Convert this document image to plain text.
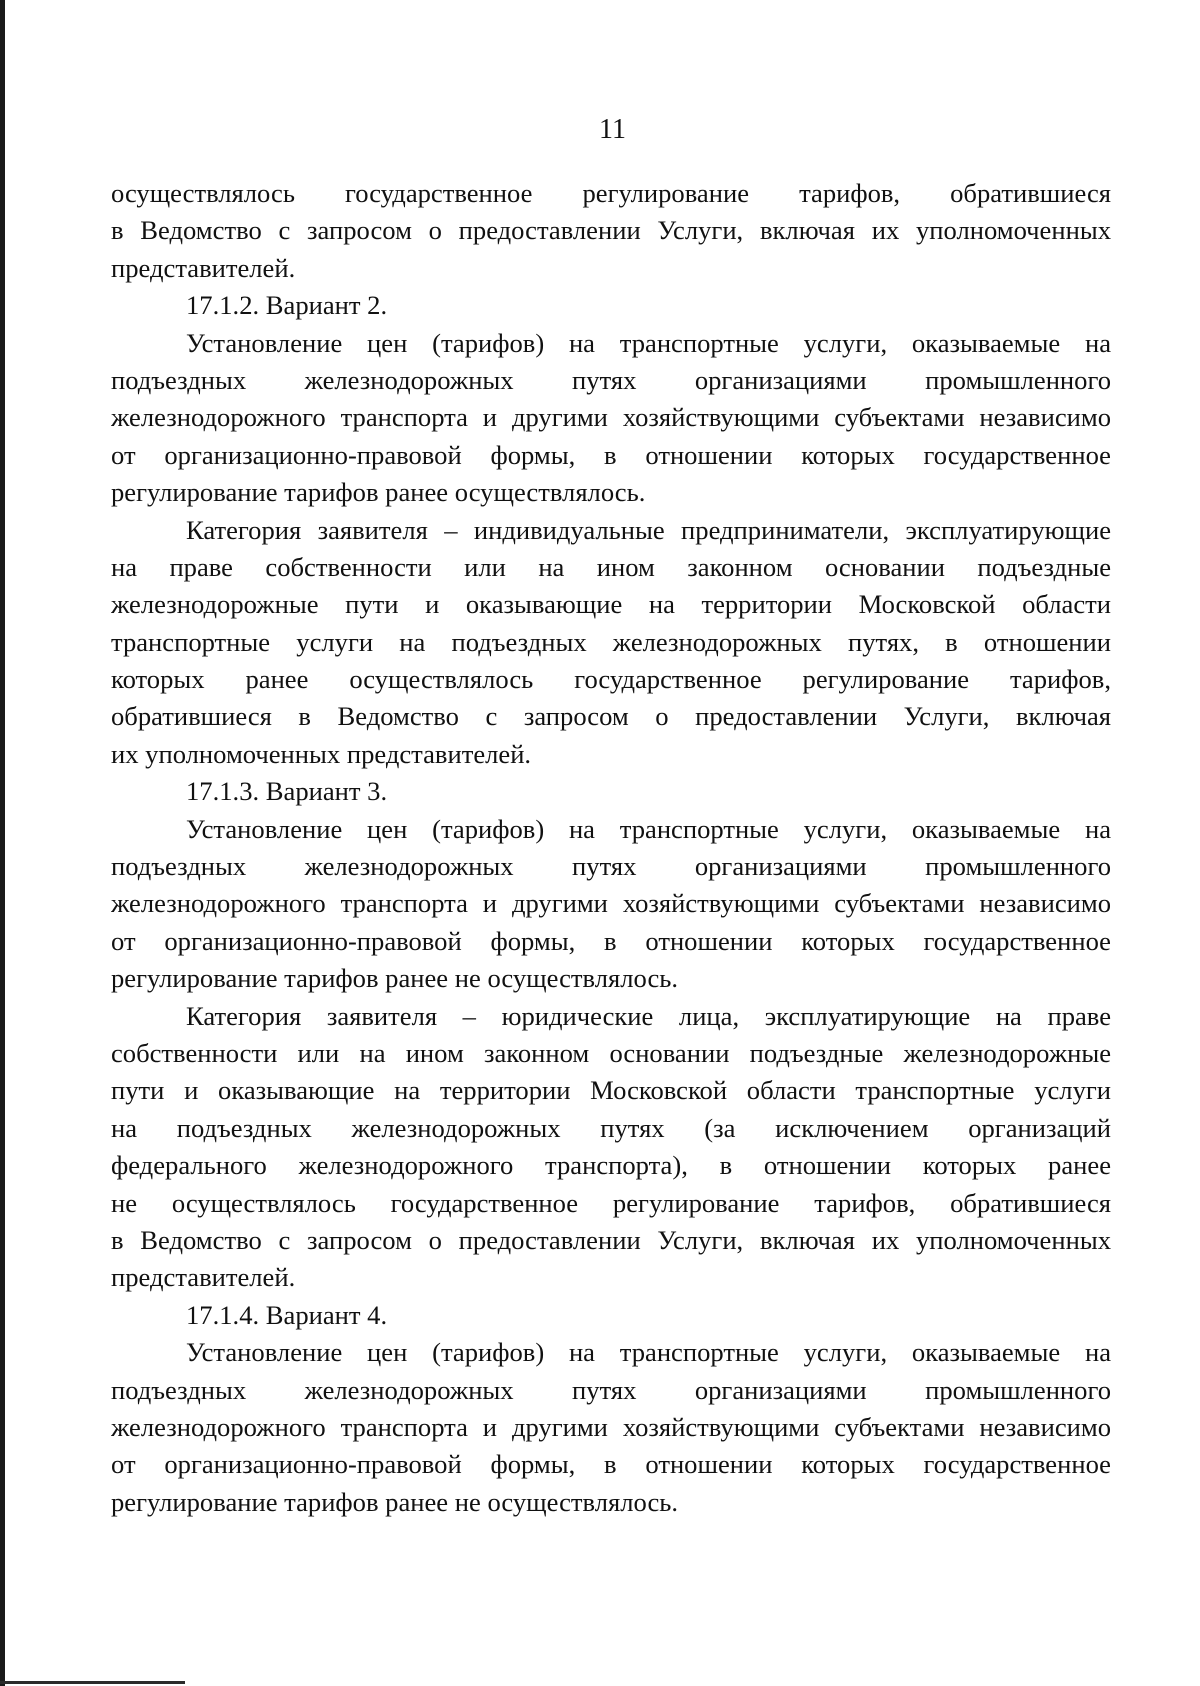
11
осуществлялось государственное регулирование тарифов, обратившиеся
в Ведомство с запросом о предоставлении Услуги, включая их уполномоченных
представителей.
17.1.2. Вариант 2.
Установление цен (тарифов) на транспортные услуги, оказываемые на
подъездных железнодорожных путях организациями промышленного
железнодорожного транспорта и другими хозяйствующими субъектами независимо
от организационно-правовой формы, в отношении которых государственное
регулирование тарифов ранее осуществлялось.
Категория заявителя – индивидуальные предприниматели, эксплуатирующие
на праве собственности или на ином законном основании подъездные
железнодорожные пути и оказывающие на территории Московской области
транспортные услуги на подъездных железнодорожных путях, в отношении
которых ранее осуществлялось государственное регулирование тарифов,
обратившиеся в Ведомство с запросом о предоставлении Услуги, включая
их уполномоченных представителей.
17.1.3. Вариант 3.
Установление цен (тарифов) на транспортные услуги, оказываемые на
подъездных железнодорожных путях организациями промышленного
железнодорожного транспорта и другими хозяйствующими субъектами независимо
от организационно-правовой формы, в отношении которых государственное
регулирование тарифов ранее не осуществлялось.
Категория заявителя – юридические лица, эксплуатирующие на праве
собственности или на ином законном основании подъездные железнодорожные
пути и оказывающие на территории Московской области транспортные услуги
на подъездных железнодорожных путях (за исключением организаций
федерального железнодорожного транспорта), в отношении которых ранее
не осуществлялось государственное регулирование тарифов, обратившиеся
в Ведомство с запросом о предоставлении Услуги, включая их уполномоченных
представителей.
17.1.4. Вариант 4.
Установление цен (тарифов) на транспортные услуги, оказываемые на
подъездных железнодорожных путях организациями промышленного
железнодорожного транспорта и другими хозяйствующими субъектами независимо
от организационно-правовой формы, в отношении которых государственное
регулирование тарифов ранее не осуществлялось.
